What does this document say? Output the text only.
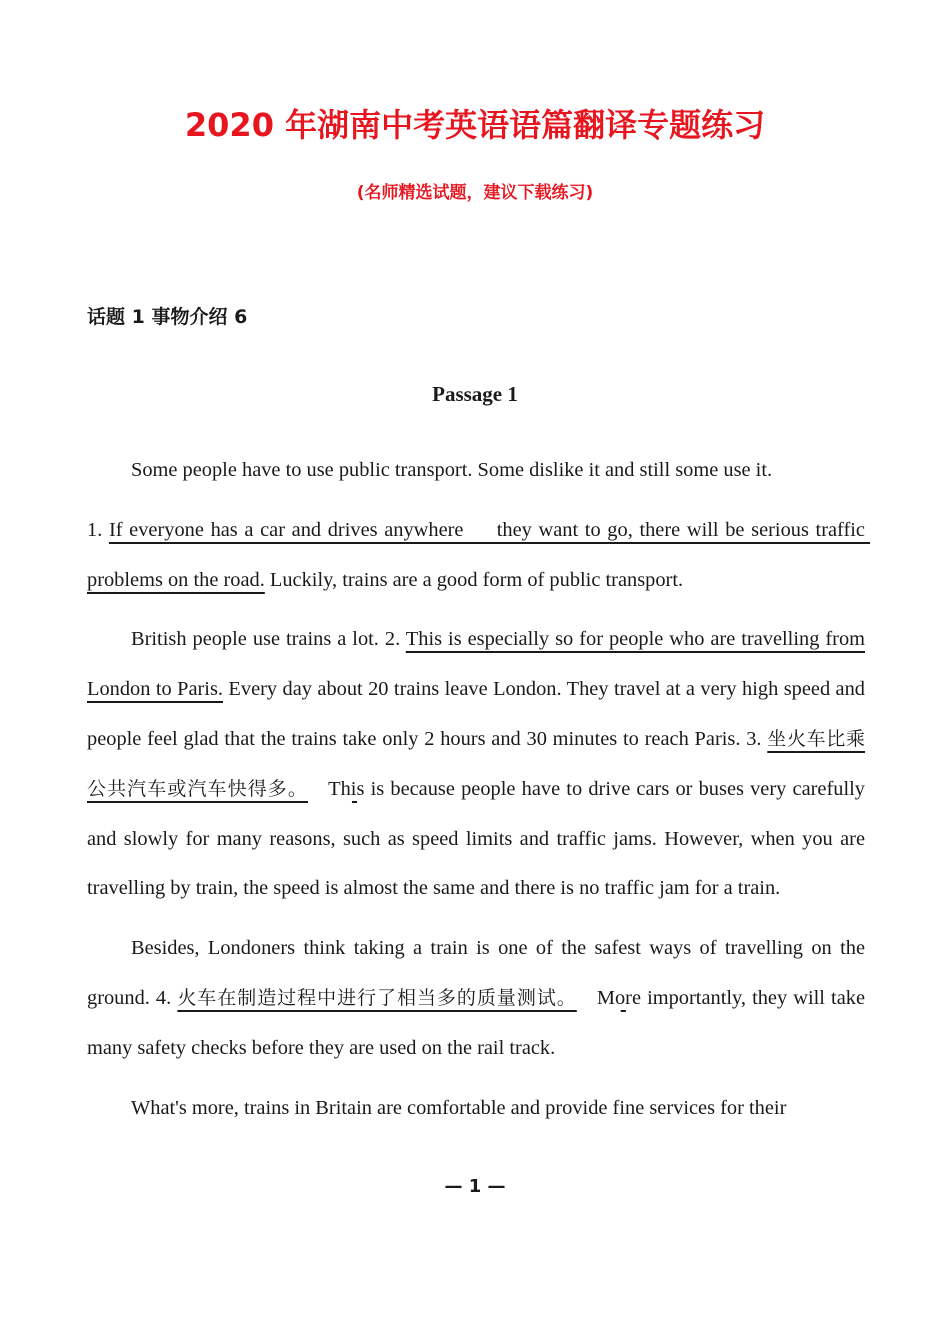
2020 年湖南中考英语语篇翻译专题练习
(名师精选试题，建议下载练习)
话题 1 事物介绍 6
Passage 1

Some people have to use public transport. Some dislike it and still some use it.

1. If everyone has a car and drives anywhere     they want to go, there will be serious traffic problems on the road. Luckily, trains are a good form of public transport.

British people use trains a lot. 2. This is especially so for people who are travelling from London to Paris. Every day about 20 trains leave London. They travel at a very high speed and people feel glad that the trains take only 2 hours and 30 minutes to reach Paris. 3. 坐火车比乘公共汽车或汽车快得多。  This is because people have to drive cars or buses very carefully and slowly for many reasons, such as speed limits and traffic jams. However, when you are travelling by train, the speed is almost the same and there is no traffic jam for a train.

Besides, Londoners think taking a train is one of the safest ways of travelling on the ground. 4. 火车在制造过程中进行了相当多的质量测试。  More importantly, they will take many safety checks before they are used on the rail track.

What's more, trains in Britain are comfortable and provide fine services for their

— 1 —
